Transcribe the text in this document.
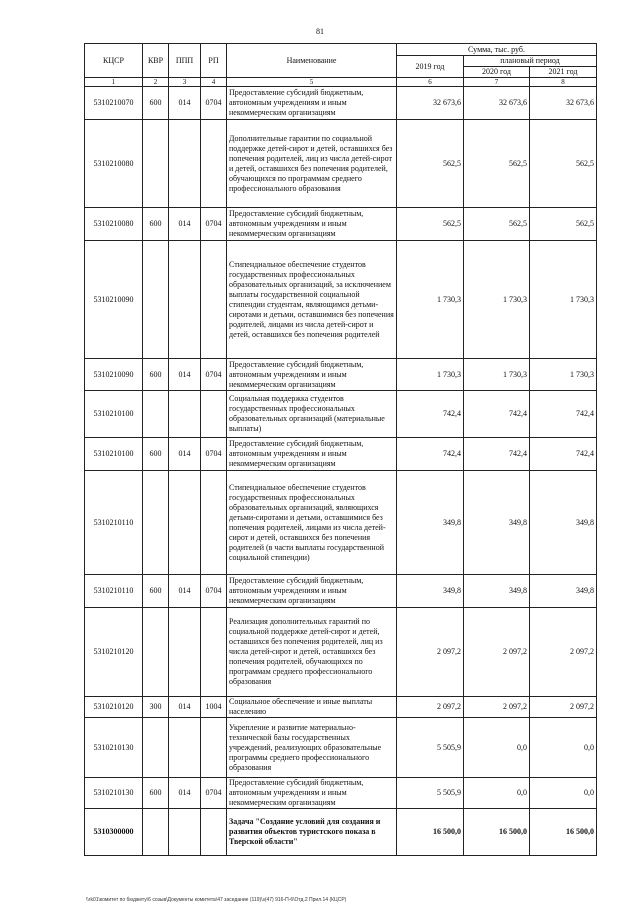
81
КЦСР	КВР	ППП	РП	Наименование	Сумма, тыс. руб.		
					2019 год	плановый период	
						2020 год	2021 год
1	2	3	4	5	6	7	8
5310210070	600	014	0704	Предоставление субсидий бюджетным, автономным учреждениям и иным некоммерческим организациям	32 673,6	32 673,6	32 673,6
5310210080				Дополнительные гарантии по социальной поддержке детей-сирот и детей, оставшихся без попечения родителей, лиц из числа детей-сирот и детей, оставшихся без попечения родителей, обучающихся по программам среднего профессионального образования	562,5	562,5	562,5
5310210080	600	014	0704	Предоставление субсидий бюджетным, автономным учреждениям и иным некоммерческим организациям	562,5	562,5	562,5
5310210090				Стипендиальное обеспечение студентов государственных профессиональных образовательных организаций, за исключением выплаты государственной социальной стипендии студентам, являющимся детьми-сиротами и детьми, оставшимися без попечения родителей, лицами из числа детей-сирот и детей, оставшихся без попечения родителей	1 730,3	1 730,3	1 730,3
5310210090	600	014	0704	Предоставление субсидий бюджетным, автономным учреждениям и иным некоммерческим организациям	1 730,3	1 730,3	1 730,3
5310210100				Социальная поддержка студентов государственных профессиональных образовательных организаций (материальные выплаты)	742,4	742,4	742,4
5310210100	600	014	0704	Предоставление субсидий бюджетным, автономным учреждениям и иным некоммерческим организациям	742,4	742,4	742,4
5310210110				Стипендиальное обеспечение студентов государственных профессиональных образовательных организаций, являющихся детьми-сиротами и детьми, оставшимися без попечения родителей, лицами из числа детей-сирот и детей, оставшихся без попечения родителей (в части выплаты государственной социальной стипендии)	349,8	349,8	349,8
5310210110	600	014	0704	Предоставление субсидий бюджетным, автономным учреждениям и иным некоммерческим организациям	349,8	349,8	349,8
5310210120				Реализация дополнительных гарантий по социальной поддержке детей-сирот и детей, оставшихся без попечения родителей, лиц из числа детей-сирот и детей, оставшихся без попечения родителей, обучающихся по программам среднего профессионального образования	2 097,2	2 097,2	2 097,2
5310210120	300	014	1004	Социальное обеспечение и иные выплаты населению	2 097,2	2 097,2	2 097,2
5310210130				Укрепление и развитие материально-технической базы государственных учреждений, реализующих образовательные программы среднего профессионального образования	5 505,9	0,0	0,0
5310210130	600	014	0704	Предоставление субсидий бюджетным, автономным учреждениям и иным некоммерческим организациям	5 505,9	0,0	0,0
5310300000				Задача "Создание условий для создания и развития объектов туристского показа в Тверской области"	16 500,0	16 500,0	16 500,0
\\rk01\комитет по бюджету\6 созыв\Документы комитета\47 заседание (119)\з(47) 916-П-6\Отд.2 Прил.14 (КЦСР)
